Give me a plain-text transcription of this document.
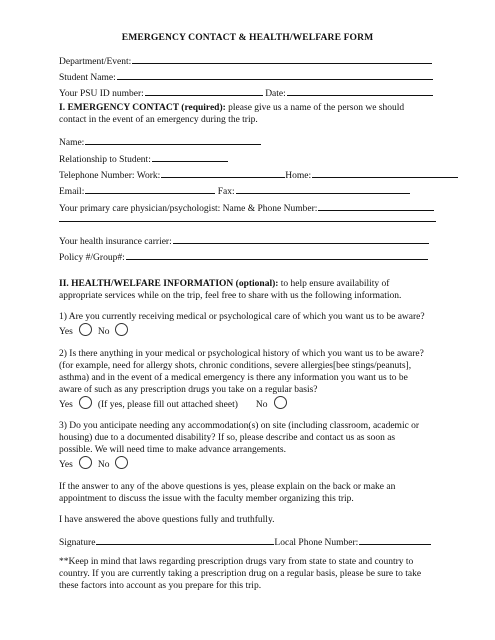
EMERGENCY CONTACT & HEALTH/WELFARE FORM
Department/Event:
Student Name:
Your PSU ID number:	Date:
I. EMERGENCY CONTACT (required): please give us a name of the person we should
contact in the event of an emergency during the trip.
Name:
Relationship to Student:
Telephone Number: Work:	Home:
Email:	Fax:
Your primary care physician/psychologist: Name & Phone Number:
Your health insurance carrier:
Policy #/Group#:
II. HEALTH/WELFARE INFORMATION (optional): to help ensure availability of
appropriate services while on the trip, feel free to share with us the following information.
1) Are you currently receiving medical or psychological care of which you want us to be aware?
Yes	No
2) Is there anything in your medical or psychological history of which you want us to be aware?
(for example, need for allergy shots, chronic conditions, severe allergies[bee stings/peanuts],
asthma) and in the event of a medical emergency is there any information you want us to be
aware of such as any prescription drugs you take on a regular basis?
Yes	(If yes, please fill out attached sheet) No
3) Do you anticipate needing any accommodation(s) on site (including classroom, academic or
housing) due to a documented disability? If so, please describe and contact us as soon as
possible. We will need time to make advance arrangements.
Yes	No
If the answer to any of the above questions is yes, please explain on the back or make an
appointment to discuss the issue with the faculty member organizing this trip.
I have answered the above questions fully and truthfully.
Signature	Local Phone Number:
**Keep in mind that laws regarding prescription drugs vary from state to state and country to
country. If you are currently taking a prescription drug on a regular basis, please be sure to take
these factors into account as you prepare for this trip.
